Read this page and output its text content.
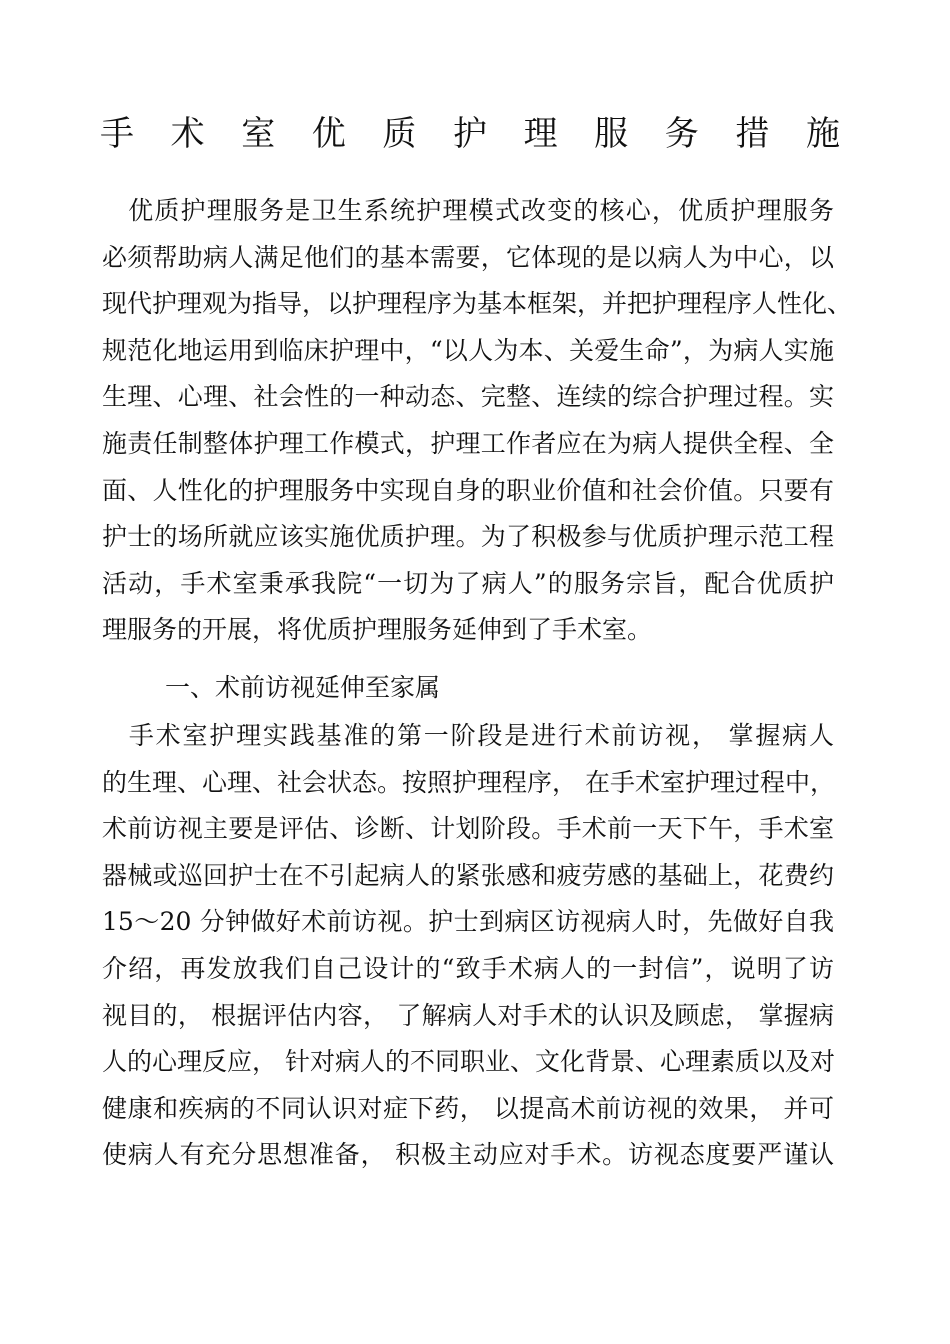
手 术 室 优 质 护 理 服 务 措 施
　优质护理服务是卫生系统护理模式改变的核心，优质护理服务
必须帮助病人满足他们的基本需要，它体现的是以病人为中心，以
现代护理观为指导，以护理程序为基本框架，并把护理程序人性化、
规范化地运用到临床护理中，“以人为本、关爱生命”，为病人实施
生理、心理、社会性的一种动态、完整、连续的综合护理过程。实
施责任制整体护理工作模式，护理工作者应在为病人提供全程、全
面、人性化的护理服务中实现自身的职业价值和社会价值。只要有
护士的场所就应该实施优质护理。为了积极参与优质护理示范工程
活动，手术室秉承我院“一切为了病人”的服务宗旨，配合优质护
理服务的开展，将优质护理服务延伸到了手术室。
一、术前访视延伸至家属
　手术室护理实践基准的第一阶段是进行术前访视， 掌握病人
的生理、心理、社会状态。按照护理程序， 在手术室护理过程中，
术前访视主要是评估、诊断、计划阶段。手术前一天下午，手术室
器械或巡回护士在不引起病人的紧张感和疲劳感的基础上，花费约
15～20 分钟做好术前访视。护士到病区访视病人时，先做好自我
介绍，再发放我们自己设计的“致手术病人的一封信”，说明了访
视目的， 根据评估内容， 了解病人对手术的认识及顾虑， 掌握病
人的心理反应， 针对病人的不同职业、文化背景、心理素质以及对
健康和疾病的不同认识对症下药， 以提高术前访视的效果， 并可
使病人有充分思想准备， 积极主动应对手术。访视态度要严谨认
